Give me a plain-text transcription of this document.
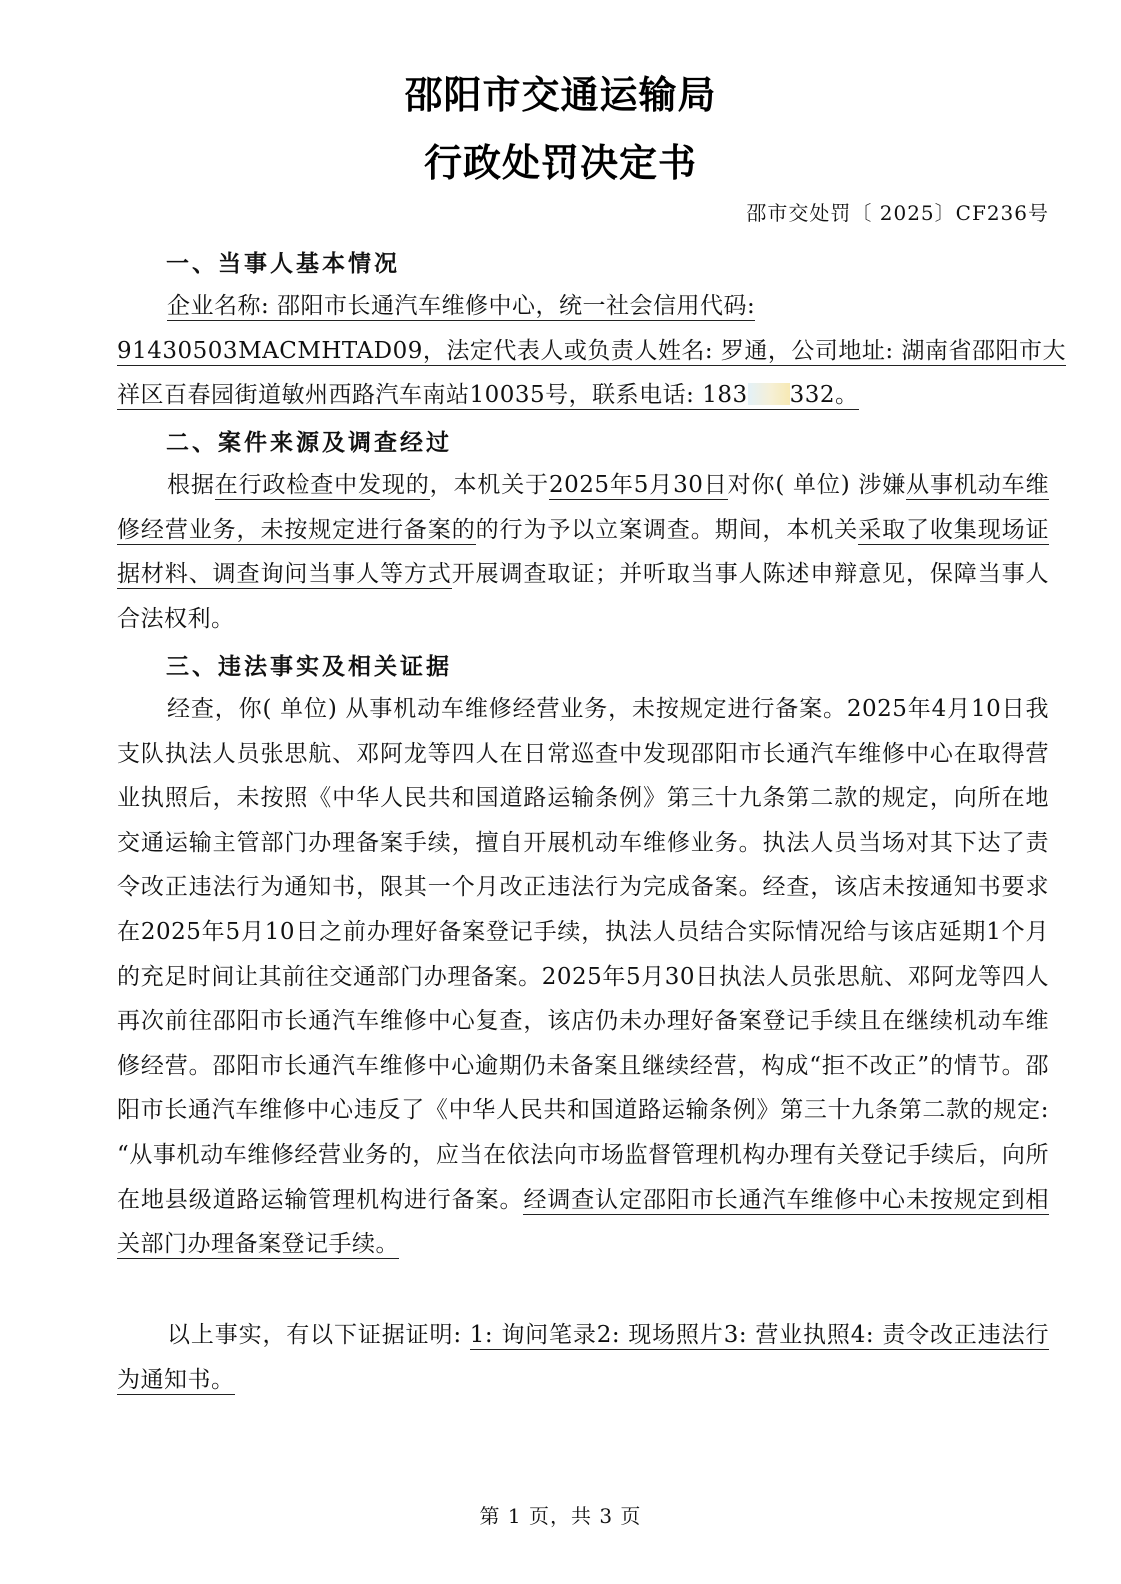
邵阳市交通运输局
行政处罚决定书
邵市交处罚〔 2025〕CF236号
一、当事人基本情况
企业名称: 邵阳市长通汽车维修中心，统一社会信用代码:
91430503MACMHTAD09，法定代表人或负责人姓名: 罗通，公司地址: 湖南省邵阳市大
祥区百春园街道敏州西路汽车南站10035号，联系电话: 183 332。
二、案件来源及调查经过
根据在行政检查中发现的，本机关于2025年5月30日对你( 单位) 涉嫌从事机动车维修经营业务，未按规定进行备案的的行为予以立案调查。期间，本机关采取了收集现场证据材料、调查询问当事人等方式开展调查取证；并听取当事人陈述申辩意见，保障当事人合法权利。
三、违法事实及相关证据
经查，你( 单位) 从事机动车维修经营业务，未按规定进行备案。2025年4月10日我支队执法人员张思航、邓阿龙等四人在日常巡查中发现邵阳市长通汽车维修中心在取得营业执照后，未按照《中华人民共和国道路运输条例》第三十九条第二款的规定，向所在地交通运输主管部门办理备案手续，擅自开展机动车维修业务。执法人员当场对其下达了责令改正违法行为通知书，限其一个月改正违法行为完成备案。经查，该店未按通知书要求在2025年5月10日之前办理好备案登记手续，执法人员结合实际情况给与该店延期1个月的充足时间让其前往交通部门办理备案。2025年5月30日执法人员张思航、邓阿龙等四人再次前往邵阳市长通汽车维修中心复查，该店仍未办理好备案登记手续且在继续机动车维修经营。邵阳市长通汽车维修中心逾期仍未备案且继续经营，构成“拒不改正”的情节。邵阳市长通汽车维修中心违反了《中华人民共和国道路运输条例》第三十九条第二款的规定: “从事机动车维修经营业务的，应当在依法向市场监督管理机构办理有关登记手续后，向所在地县级道路运输管理机构进行备案。经调查认定邵阳市长通汽车维修中心未按规定到相关部门办理备案登记手续。
以上事实，有以下证据证明: 1: 询问笔录2: 现场照片3: 营业执照4: 责令改正违法行为通知书。
第 1 页，共 3 页
